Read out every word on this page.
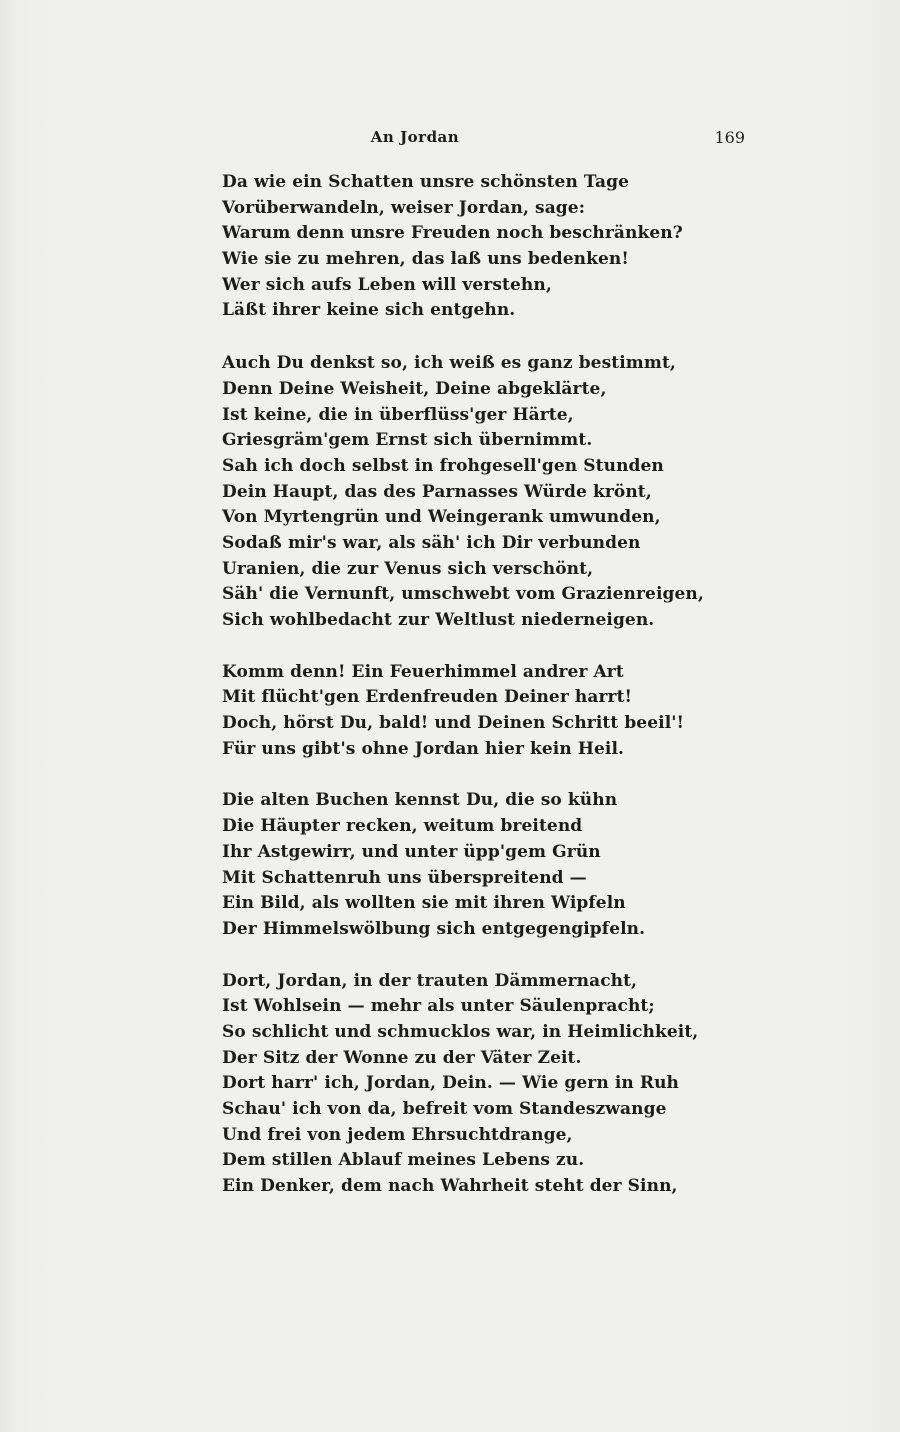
An Jordan	169
Da wie ein Schatten unsre schönsten Tage
Vorüberwandeln, weiser Jordan, sage:
Warum denn unsre Freuden noch beschränken?
Wie sie zu mehren, das laß uns bedenken!
Wer sich aufs Leben will verstehn,
Läßt ihrer keine sich entgehn.
Auch Du denkst so, ich weiß es ganz bestimmt,
Denn Deine Weisheit, Deine abgeklärte,
Ist keine, die in überflüss'ger Härte,
Griesgräm'gem Ernst sich übernimmt.
Sah ich doch selbst in frohgesell'gen Stunden
Dein Haupt, das des Parnasses Würde krönt,
Von Myrtengrün und Weingerank umwunden,
Sodaß mir's war, als säh' ich Dir verbunden
Uranien, die zur Venus sich verschönt,
Säh' die Vernunft, umschwebt vom Grazienreigen,
Sich wohlbedacht zur Weltlust niederneigen.
Komm denn! Ein Feuerhimmel andrer Art
Mit flücht'gen Erdenfreuden Deiner harrt!
Doch, hörst Du, bald! und Deinen Schritt beeil'!
Für uns gibt's ohne Jordan hier kein Heil.
Die alten Buchen kennst Du, die so kühn
Die Häupter recken, weitum breitend
Ihr Astgewirr, und unter üpp'gem Grün
Mit Schattenruh uns überspreitend —
Ein Bild, als wollten sie mit ihren Wipfeln
Der Himmelswölbung sich entgegengipfeln.
Dort, Jordan, in der trauten Dämmernacht,
Ist Wohlsein — mehr als unter Säulenpracht;
So schlicht und schmucklos war, in Heimlichkeit,
Der Sitz der Wonne zu der Väter Zeit.
Dort harr' ich, Jordan, Dein. — Wie gern in Ruh
Schau' ich von da, befreit vom Standeszwange
Und frei von jedem Ehrsuchtdrange,
Dem stillen Ablauf meines Lebens zu.
Ein Denker, dem nach Wahrheit steht der Sinn,
